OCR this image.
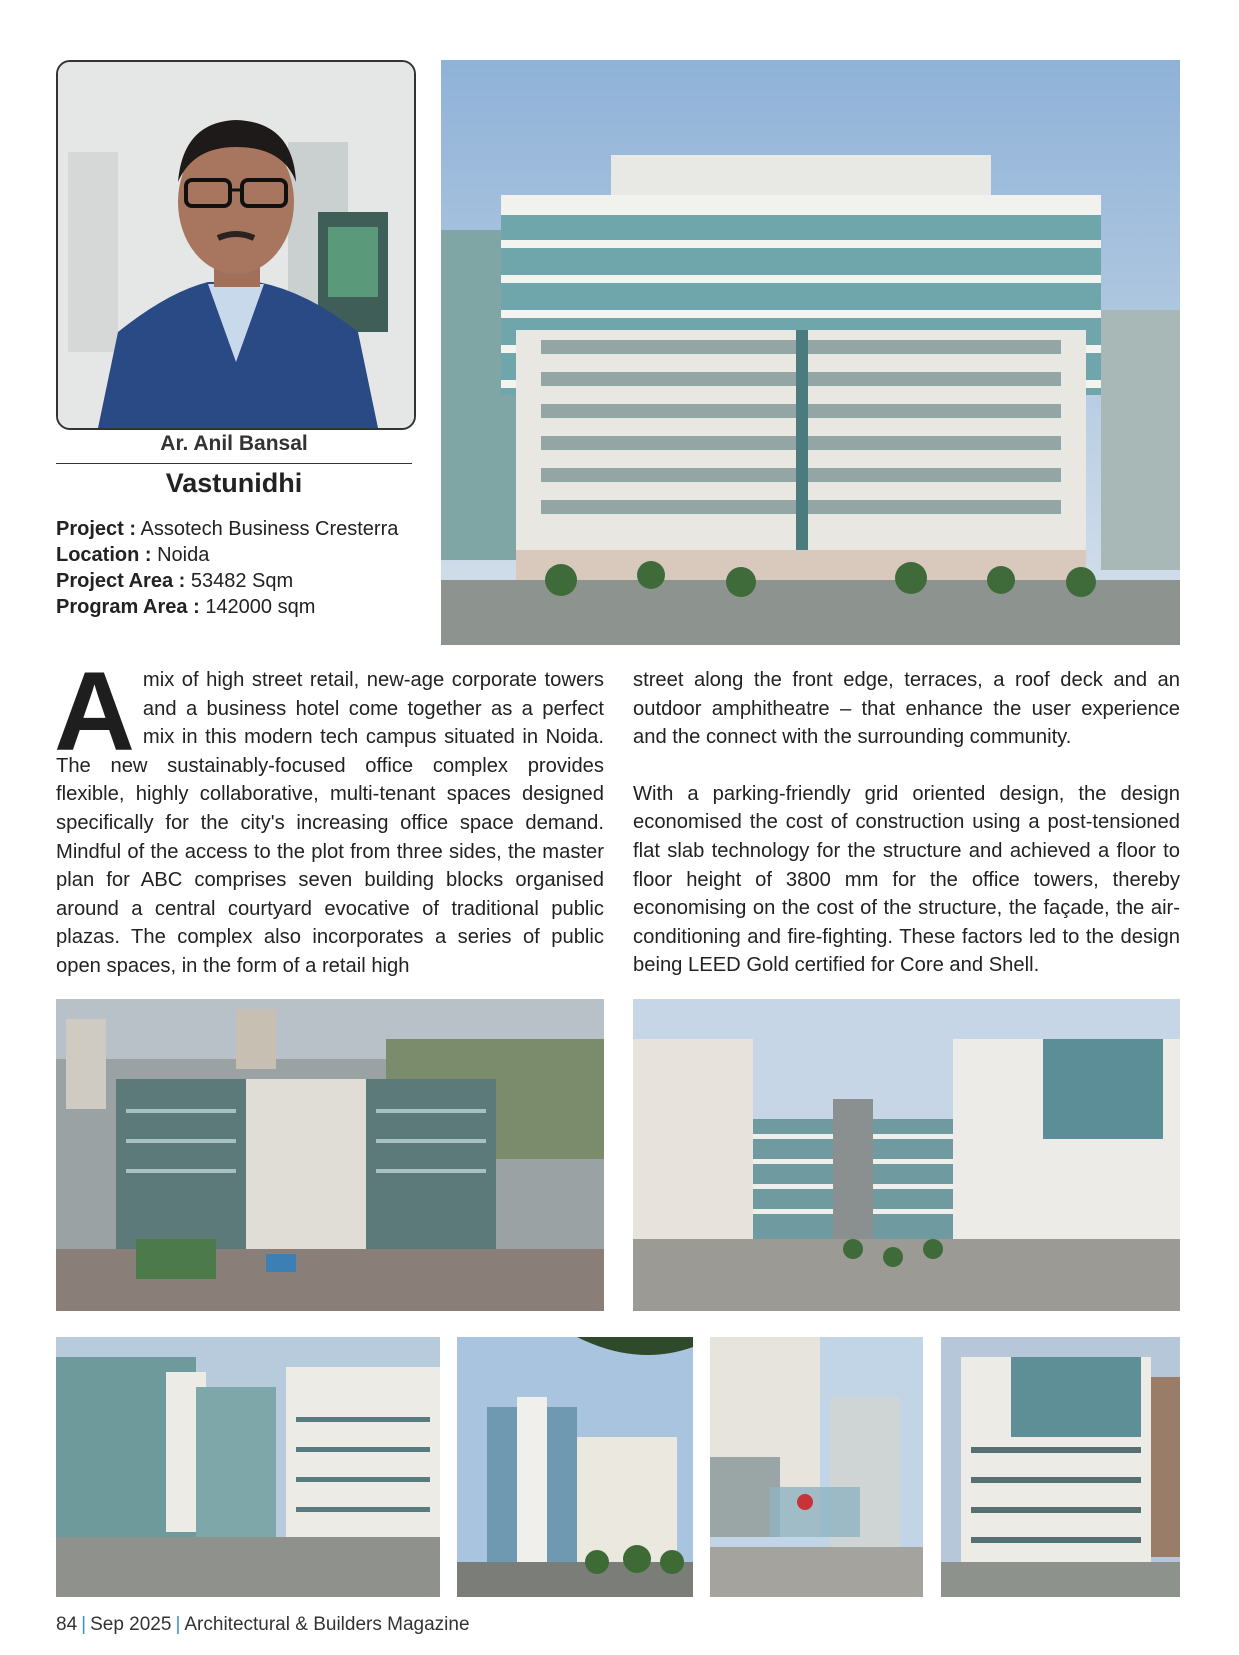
Ar. Anil Bansal
Vastunidhi
Project : Assotech Business Cresterra
Location : Noida
Project Area : 53482 Sqm
Program Area : 142000 sqm
Amix of high street retail, new-age corporate towers and a business hotel come together as a perfect mix in this modern tech campus situated in Noida. The new sustainably-focused office complex provides flexible, highly collaborative, multi-tenant spaces designed specifically for the city's increasing office space demand. Mindful of the access to the plot from three sides, the master plan for ABC comprises seven building blocks organised around a central courtyard evocative of traditional public plazas. The complex also incorporates a series of public open spaces, in the form of a retail high
street along the front edge, terraces, a roof deck and an outdoor amphitheatre – that enhance the user experience and the connect with the surrounding community.
With a parking-friendly grid oriented design, the design economised the cost of construction using a post-tensioned flat slab technology for the structure and achieved a floor to floor height of 3800 mm for the office towers, thereby economising on the cost of the structure, the façade, the air-conditioning and fire-fighting. These factors led to the design being LEED Gold certified for Core and Shell.
84 | Sep 2025 | Architectural & Builders Magazine
